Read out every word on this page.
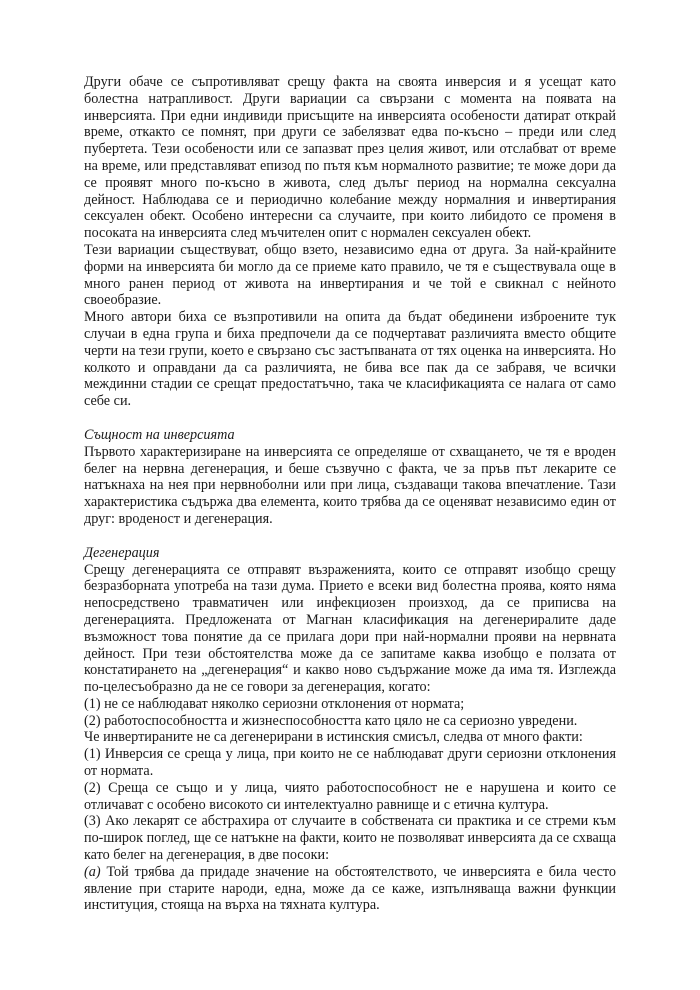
Други обаче се съпротивляват срещу факта на своята инверсия и я усещат като болестна натрапливост. Други вариации са свързани с момента на появата на инверсията. При едни индивиди присъщите на инверсията особености датират открай време, откакто се помнят, при други се забелязват едва по-късно – преди или след пубертета. Тези особености или се запазват през целия живот, или отслабват от време на време, или представляват епизод по пътя към нормалното развитие; те може дори да се проявят много по-късно в живота, след дълъг период на нормална сексуална дейност. Наблюдава се и периодично колебание между нормалния и инвертирания сексуален обект. Особено интересни са случаите, при които либидото се променя в посоката на инверсията след мъчителен опит с нормален сексуален обект.

Тези вариации съществуват, общо взето, независимо една от друга. За най-крайните форми на инверсията би могло да се приеме като правило, че тя е съществувала още в много ранен период от живота на инвертирания и че той е свикнал с нейното своеобразие.

Много автори биха се възпротивили на опита да бъдат обединени изброените тук случаи в една група и биха предпочели да се подчертават различията вместо общите черти на тези групи, което е свързано със застъпваната от тях оценка на инверсията. Но колкото и оправдани да са различията, не бива все пак да се забравя, че всички междинни стадии се срещат предостатъчно, така че класификацията се налага от само себе си.

Същност на инверсията

Първото характеризиране на инверсията се определяше от схващането, че тя е вроден белег на нервна дегенерация, и беше съзвучно с факта, че за пръв път лекарите се натъкнаха на нея при нервноболни или при лица, създаващи такова впечатление. Тази характеристика съдържа два елемента, които трябва да се оценяват независимо един от друг: вроденост и дегенерация.

Дегенерация

Срещу дегенерацията се отправят възраженията, които се отправят изобщо срещу безразборната употреба на тази дума. Прието е всеки вид болестна проява, която няма непосредствено травматичен или инфекциозен произход, да се приписва на дегенерацията. Предложената от Магнан класификация на дегенериралите даде възможност това понятие да се прилага дори при най-нормални прояви на нервната дейност. При тези обстоятелства може да се запитаме каква изобщо е ползата от констатирането на „дегенерация“ и какво ново съдържание може да има тя. Изглежда по-целесъобразно да не се говори за дегенерация, когато:

(1) не се наблюдават няколко сериозни отклонения от нормата;

(2) работоспособността и жизнеспособността като цяло не са сериозно увредени.

Че инвертираните не са дегенерирани в истинския смисъл, следва от много факти:

(1) Инверсия се среща у лица, при които не се наблюдават други сериозни отклонения от нормата.

(2) Среща се също и у лица, чиято работоспособност не е нарушена и които се отличават с особено високото си интелектуално равнище и с етична култура.

(3) Ако лекарят се абстрахира от случаите в собствената си практика и се стреми към по-широк поглед, ще се натъкне на факти, които не позволяват инверсията да се схваща като белег на дегенерация, в две посоки:

(а) Той трябва да придаде значение на обстоятелството, че инверсията е била често явление при старите народи, една, може да се каже, изпълняваща важни функции институция, стояща на върха на тяхната култура.
